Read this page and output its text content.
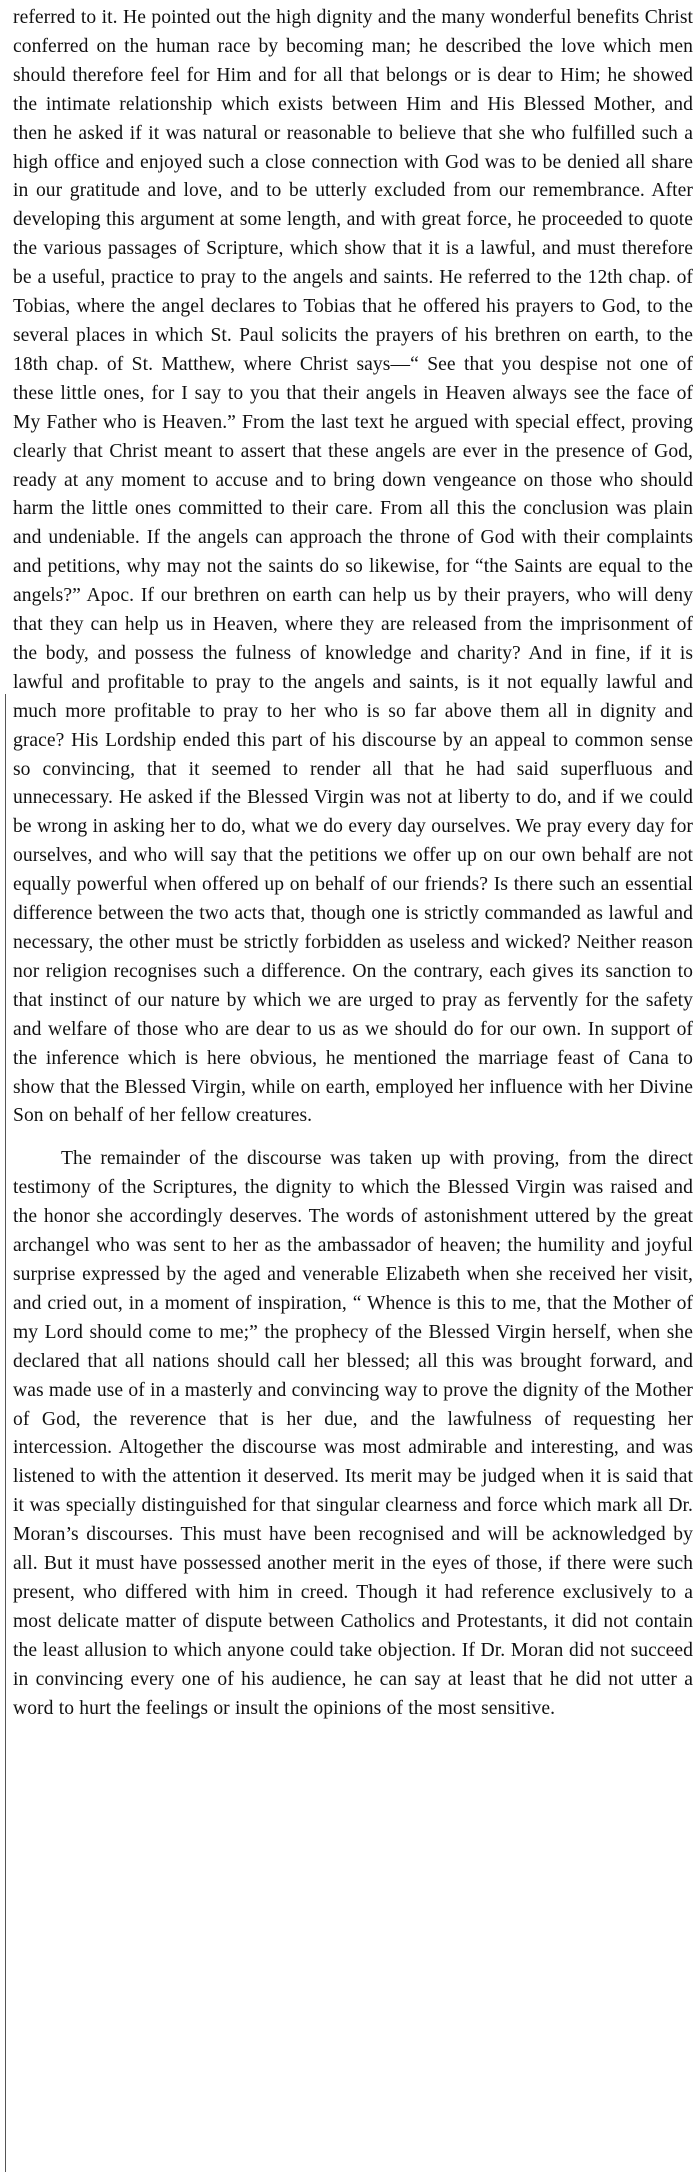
referred to it. He pointed out the high dignity and the many wonderful benefits Christ conferred on the human race by becoming man; he described the love which men should therefore feel for Him and for all that belongs or is dear to Him; he showed the intimate relationship which exists between Him and His Blessed Mother, and then he asked if it was natural or reasonable to believe that she who fulfilled such a high office and enjoyed such a close connection with God was to be denied all share in our gratitude and love, and to be utterly excluded from our remembrance. After developing this argument at some length, and with great force, he proceeded to quote the various passages of Scripture, which show that it is a lawful, and must therefore be a useful, practice to pray to the angels and saints. He referred to the 12th chap. of Tobias, where the angel declares to Tobias that he offered his prayers to God, to the several places in which St. Paul solicits the prayers of his brethren on earth, to the 18th chap. of St. Matthew, where Christ says—“ See that you despise not one of these little ones, for I say to you that their angels in Heaven always see the face of My Father who is Heaven.” From the last text he argued with special effect, proving clearly that Christ meant to assert that these angels are ever in the presence of God, ready at any moment to accuse and to bring down vengeance on those who should harm the little ones committed to their care. From all this the conclusion was plain and undeniable. If the angels can approach the throne of God with their complaints and petitions, why may not the saints do so likewise, for “the Saints are equal to the angels?” Apoc. If our brethren on earth can help us by their prayers, who will deny that they can help us in Heaven, where they are released from the imprisonment of the body, and possess the fulness of knowledge and charity? And in fine, if it is lawful and profitable to pray to the angels and saints, is it not equally lawful and much more profitable to pray to her who is so far above them all in dignity and grace? His Lordship ended this part of his discourse by an appeal to common sense so convincing, that it seemed to render all that he had said superfluous and unnecessary. He asked if the Blessed Virgin was not at liberty to do, and if we could be wrong in asking her to do, what we do every day ourselves. We pray every day for ourselves, and who will say that the petitions we offer up on our own behalf are not equally powerful when offered up on behalf of our friends? Is there such an essential difference between the two acts that, though one is strictly commanded as lawful and necessary, the other must be strictly forbidden as useless and wicked? Neither reason nor religion recognises such a difference. On the contrary, each gives its sanction to that instinct of our nature by which we are urged to pray as fervently for the safety and welfare of those who are dear to us as we should do for our own. In support of the inference which is here obvious, he mentioned the marriage feast of Cana to show that the Blessed Virgin, while on earth, employed her influence with her Divine Son on behalf of her fellow creatures.

The remainder of the discourse was taken up with proving, from the direct testimony of the Scriptures, the dignity to which the Blessed Virgin was raised and the honor she accordingly deserves. The words of astonishment uttered by the great archangel who was sent to her as the ambassador of heaven; the humility and joyful surprise expressed by the aged and venerable Elizabeth when she received her visit, and cried out, in a moment of inspiration, “ Whence is this to me, that the Mother of my Lord should come to me;” the prophecy of the Blessed Virgin herself, when she declared that all nations should call her blessed; all this was brought forward, and was made use of in a masterly and convincing way to prove the dignity of the Mother of God, the reverence that is her due, and the lawfulness of requesting her intercession. Altogether the discourse was most admirable and interesting, and was listened to with the attention it deserved. Its merit may be judged when it is said that it was specially distinguished for that singular clearness and force which mark all Dr. Moran’s discourses. This must have been recognised and will be acknowledged by all. But it must have possessed another merit in the eyes of those, if there were such present, who differed with him in creed. Though it had reference exclusively to a most delicate matter of dispute between Catholics and Protestants, it did not contain the least allusion to which anyone could take objection. If Dr. Moran did not succeed in convincing every one of his audience, he can say at least that he did not utter a word to hurt the feelings or insult the opinions of the most sensitive.
